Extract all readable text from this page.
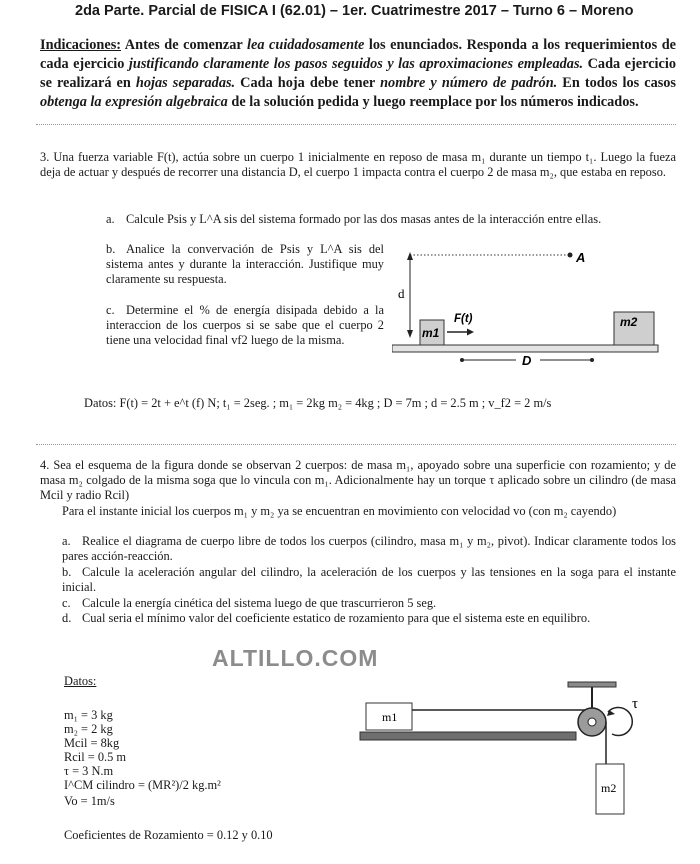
2da Parte. Parcial de FISICA I (62.01) – 1er. Cuatrimestre 2017 – Turno 6 – Moreno
Indicaciones: Antes de comenzar lea cuidadosamente los enunciados. Responda a los requerimientos de cada ejercicio justificando claramente los pasos seguidos y las aproximaciones empleadas. Cada ejercicio se realizará en hojas separadas. Cada hoja debe tener nombre y número de padrón. En todos los casos obtenga la expresión algebraica de la solución pedida y luego reemplace por los números indicados.
3. Una fuerza variable F(t), actúa sobre un cuerpo 1 inicialmente en reposo de masa m₁ durante un tiempo t₁. Luego la fueza deja de actuar y después de recorrer una distancia D, el cuerpo 1 impacta contra el cuerpo 2 de masa m₂, que estaba en reposo.
a. Calcule Psis y L^A sis del sistema formado por las dos masas antes de la interacción entre ellas.
b. Analice la convervación de Psis y L^A sis del sistema antes y durante la interacción. Justifique muy claramente su respuesta.
c. Determine el % de energía disipada debido a la interaccion de los cuerpos si se sabe que el cuerpo 2 tiene una velocidad final vf2 luego de la misma.
A
d
m1
F(t)	m2
D
Datos: F(t) = 2t + e^t (f) N; t₁ = 2seg. ; m₁ = 2kg m₂ = 4kg ; D = 7m ; d = 2.5 m ; v_f2 = 2 m/s
4. Sea el esquema de la figura donde se observan 2 cuerpos: de masa m₁, apoyado sobre una superficie con rozamiento; y de masa m₂ colgado de la misma soga que lo vincula con m₁. Adicionalmente hay un torque τ aplicado sobre un cilindro (de masa Mcil y radio Rcil)
Para el instante inicial los cuerpos m₁ y m₂ ya se encuentran en movimiento con velocidad vo (con m₂ cayendo)
a. Realice el diagrama de cuerpo libre de todos los cuerpos (cilindro, masa m₁ y m₂, pivot). Indicar claramente todos los pares acción-reacción.
b. Calcule la aceleración angular del cilindro, la aceleración de los cuerpos y las tensiones en la soga para el instante inicial.
c. Calcule la energía cinética del sistema luego de que trascurrieron 5 seg.
d. Cual seria el mínimo valor del coeficiente estatico de rozamiento para que el sistema este en equilibro.
ALTILLO.COM
Datos:
m₁ = 3 kg
m₂ = 2 kg
Mcil = 8kg
Rcil = 0.5 m
τ = 3 N.m
I^CM cilindro = (MR²)/2 kg.m²
Vo = 1m/s
Coeficientes de Rozamiento = 0.12 y 0.10
m1
τ
m2
